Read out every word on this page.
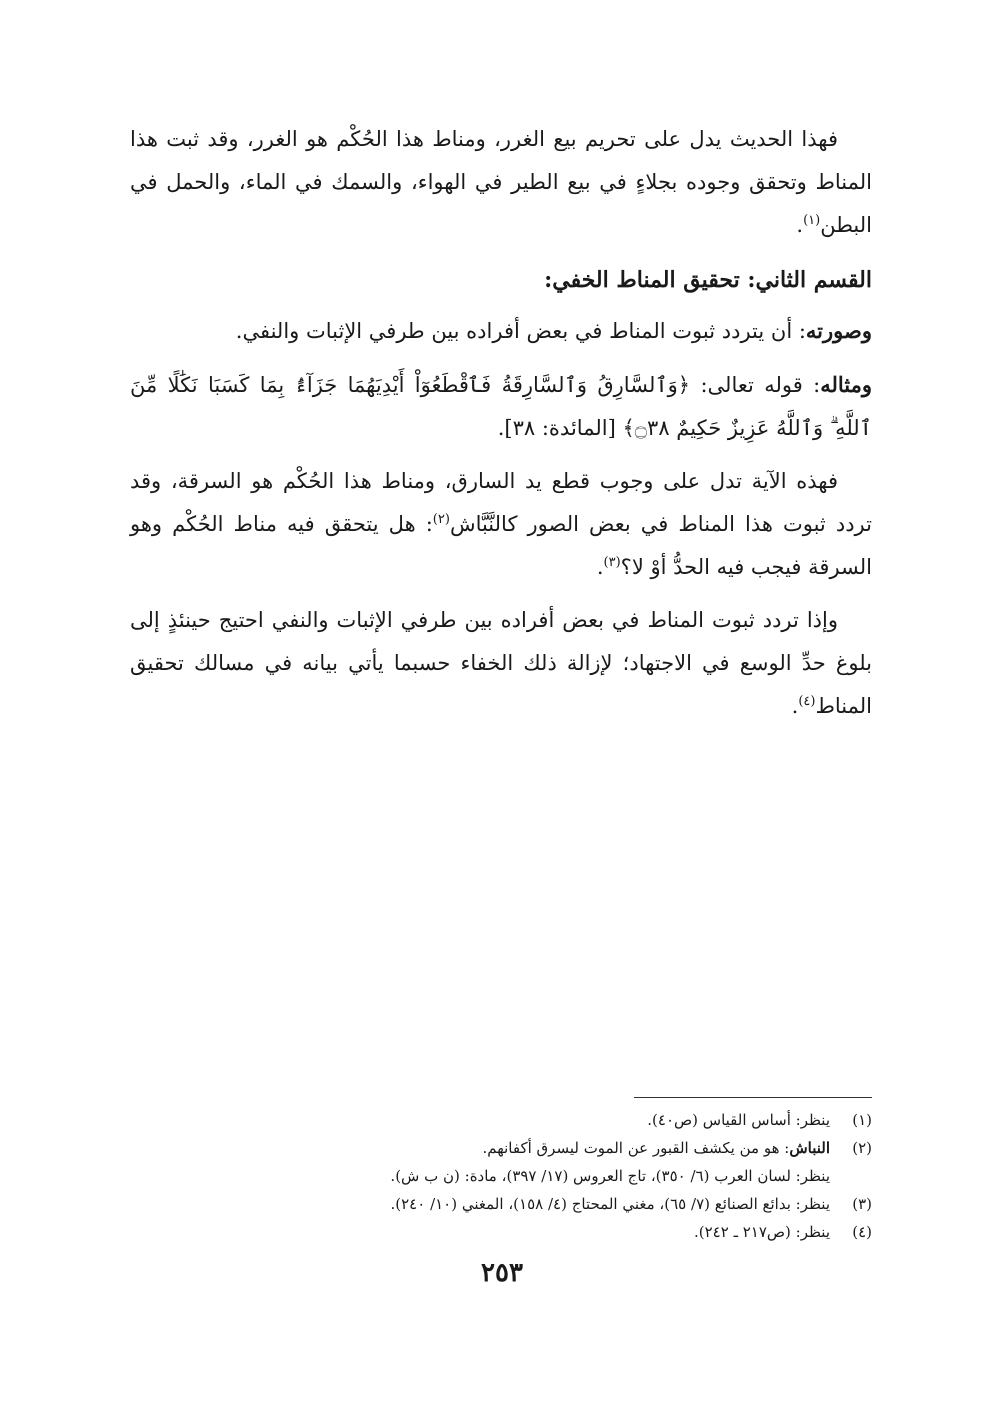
فهذا الحديث يدل على تحريم بيع الغرر، ومناط هذا الحُكْم هو الغرر، وقد ثبت هذا المناط وتحقق وجوده بجلاءٍ في بيع الطير في الهواء، والسمك في الماء، والحمل في البطن$^{(١)}$.

القسم الثاني: تحقيق المناط الخفي:

وصورته: أن يتردد ثبوت المناط في بعض أفراده بين طرفي الإثبات والنفي.

ومثاله: قوله تعالى: ﴿وَٱلسَّارِقُ وَٱلسَّارِقَةُ فَٱقْطَعُوٓاْ أَيْدِيَهُمَا جَزَآءًۢ بِمَا كَسَبَا نَكَٰلًا مِّنَ ٱللَّهِ ۗ وَٱللَّهُ عَزِيزٌ حَكِيمٌ ۝٣٨﴾ [المائدة: ٣٨].

فهذه الآية تدل على وجوب قطع يد السارق، ومناط هذا الحُكْم هو السرقة، وقد تردد ثبوت هذا المناط في بعض الصور كالنَّبَّاش$^{(٢)}$: هل يتحقق فيه مناط الحُكْم وهو السرقة فيجب فيه الحدُّ أوْ لا؟$^{(٣)}$.

وإذا تردد ثبوت المناط في بعض أفراده بين طرفي الإثبات والنفي احتيج حينئذٍ إلى بلوغ حدِّ الوسع في الاجتهاد؛ لإزالة ذلك الخفاء حسبما يأتي بيانه في مسالك تحقيق المناط$^{(٤)}$.

(١)
ينظر: أساس القياس (ص٤٠).
(٢)
النباش: هو من يكشف القبور عن الموت ليسرق أكفانهم.
ينظر: لسان العرب (٦/ ٣٥٠)، تاج العروس (١٧/ ٣٩٧)، مادة: (ن ب ش).
(٣)
ينظر: بدائع الصنائع (٧/ ٦٥)، مغني المحتاج (٤/ ١٥٨)، المغني (١٠/ ٢٤٠).
(٤)
ينظر: (ص٢١٧ ـ ٢٤٢).
٢٥٣
